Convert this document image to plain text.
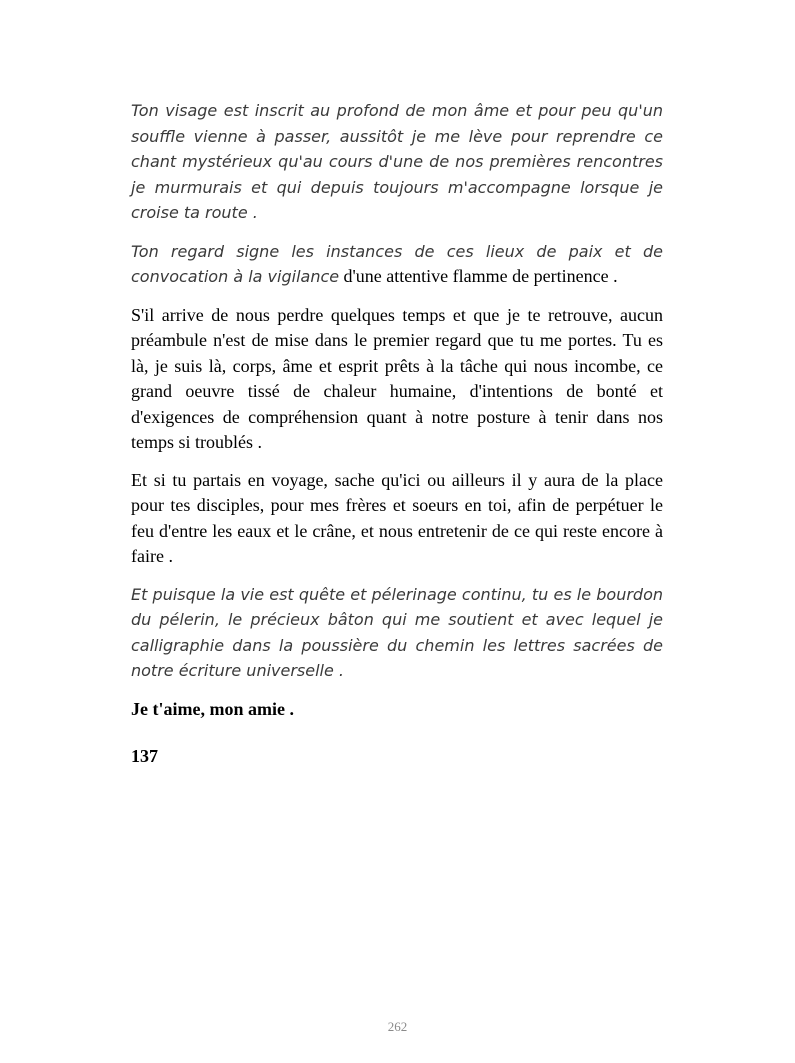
Ton visage est inscrit au profond de mon âme et pour peu qu'un souffle vienne à passer, aussitôt je me lève pour reprendre ce chant mystérieux qu'au cours d'une de nos premières rencontres je murmurais et qui depuis toujours m'accompagne lorsque je croise ta route .

Ton regard signe les instances de ces lieux de paix et de convocation à la vigilance d'une attentive flamme de pertinence .

S'il arrive de nous perdre quelques temps et que je te retrouve, aucun préambule n'est de mise dans le premier regard que tu me portes. Tu es là, je suis là, corps, âme et esprit prêts à la tâche qui nous incombe, ce grand oeuvre tissé de chaleur humaine, d'intentions de bonté et d'exigences de compréhension quant à notre posture à tenir dans nos temps si troublés .

Et si tu partais en voyage, sache qu'ici ou ailleurs il y aura de la place pour tes disciples, pour mes frères et soeurs en toi, afin de perpétuer le feu d'entre les eaux et le crâne, et nous entretenir de ce qui reste encore à faire .

Et puisque la vie est quête et pélerinage continu, tu es le bourdon du pélerin, le précieux bâton qui me soutient et avec lequel je calligraphie dans la poussière du chemin les lettres sacrées de notre écriture universelle .

Je t'aime, mon amie .

137
262
